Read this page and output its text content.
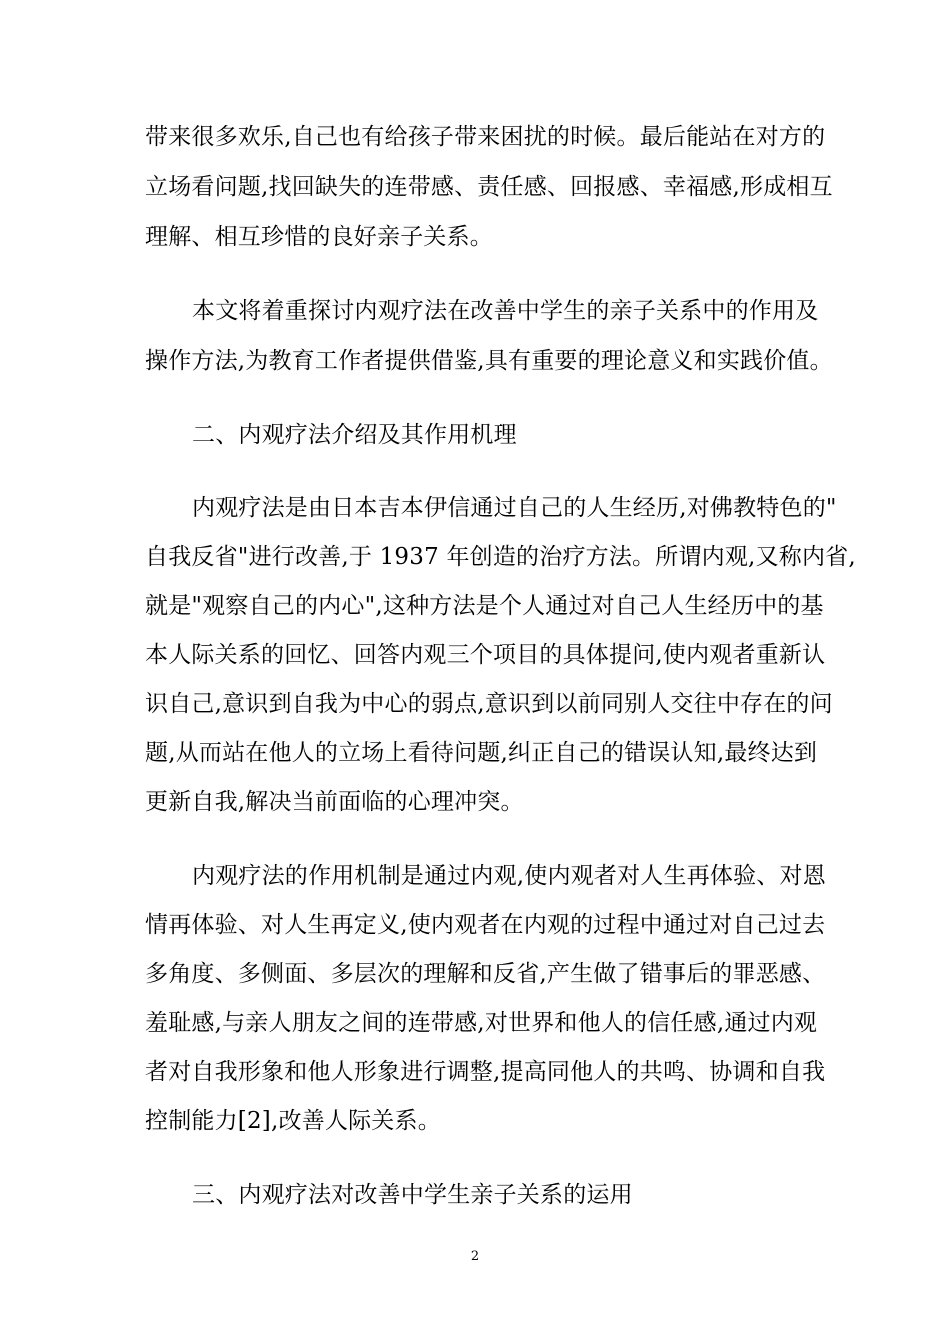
带来很多欢乐,自己也有给孩子带来困扰的时候。最后能站在对方的
立场看问题,找回缺失的连带感、责任感、回报感、幸福感,形成相互
理解、相互珍惜的良好亲子关系。
本文将着重探讨内观疗法在改善中学生的亲子关系中的作用及
操作方法,为教育工作者提供借鉴,具有重要的理论意义和实践价值。
二、内观疗法介绍及其作用机理
内观疗法是由日本吉本伊信通过自己的人生经历,对佛教特色的"
自我反省"进行改善,于 1937 年创造的治疗方法。所谓内观,又称内省,
就是"观察自己的内心",这种方法是个人通过对自己人生经历中的基
本人际关系的回忆、回答内观三个项目的具体提问,使内观者重新认
识自己,意识到自我为中心的弱点,意识到以前同别人交往中存在的问
题,从而站在他人的立场上看待问题,纠正自己的错误认知,最终达到
更新自我,解决当前面临的心理冲突。
内观疗法的作用机制是通过内观,使内观者对人生再体验、对恩
情再体验、对人生再定义,使内观者在内观的过程中通过对自己过去
多角度、多侧面、多层次的理解和反省,产生做了错事后的罪恶感、
羞耻感,与亲人朋友之间的连带感,对世界和他人的信任感,通过内观
者对自我形象和他人形象进行调整,提高同他人的共鸣、协调和自我
控制能力[2],改善人际关系。
三、内观疗法对改善中学生亲子关系的运用
2
